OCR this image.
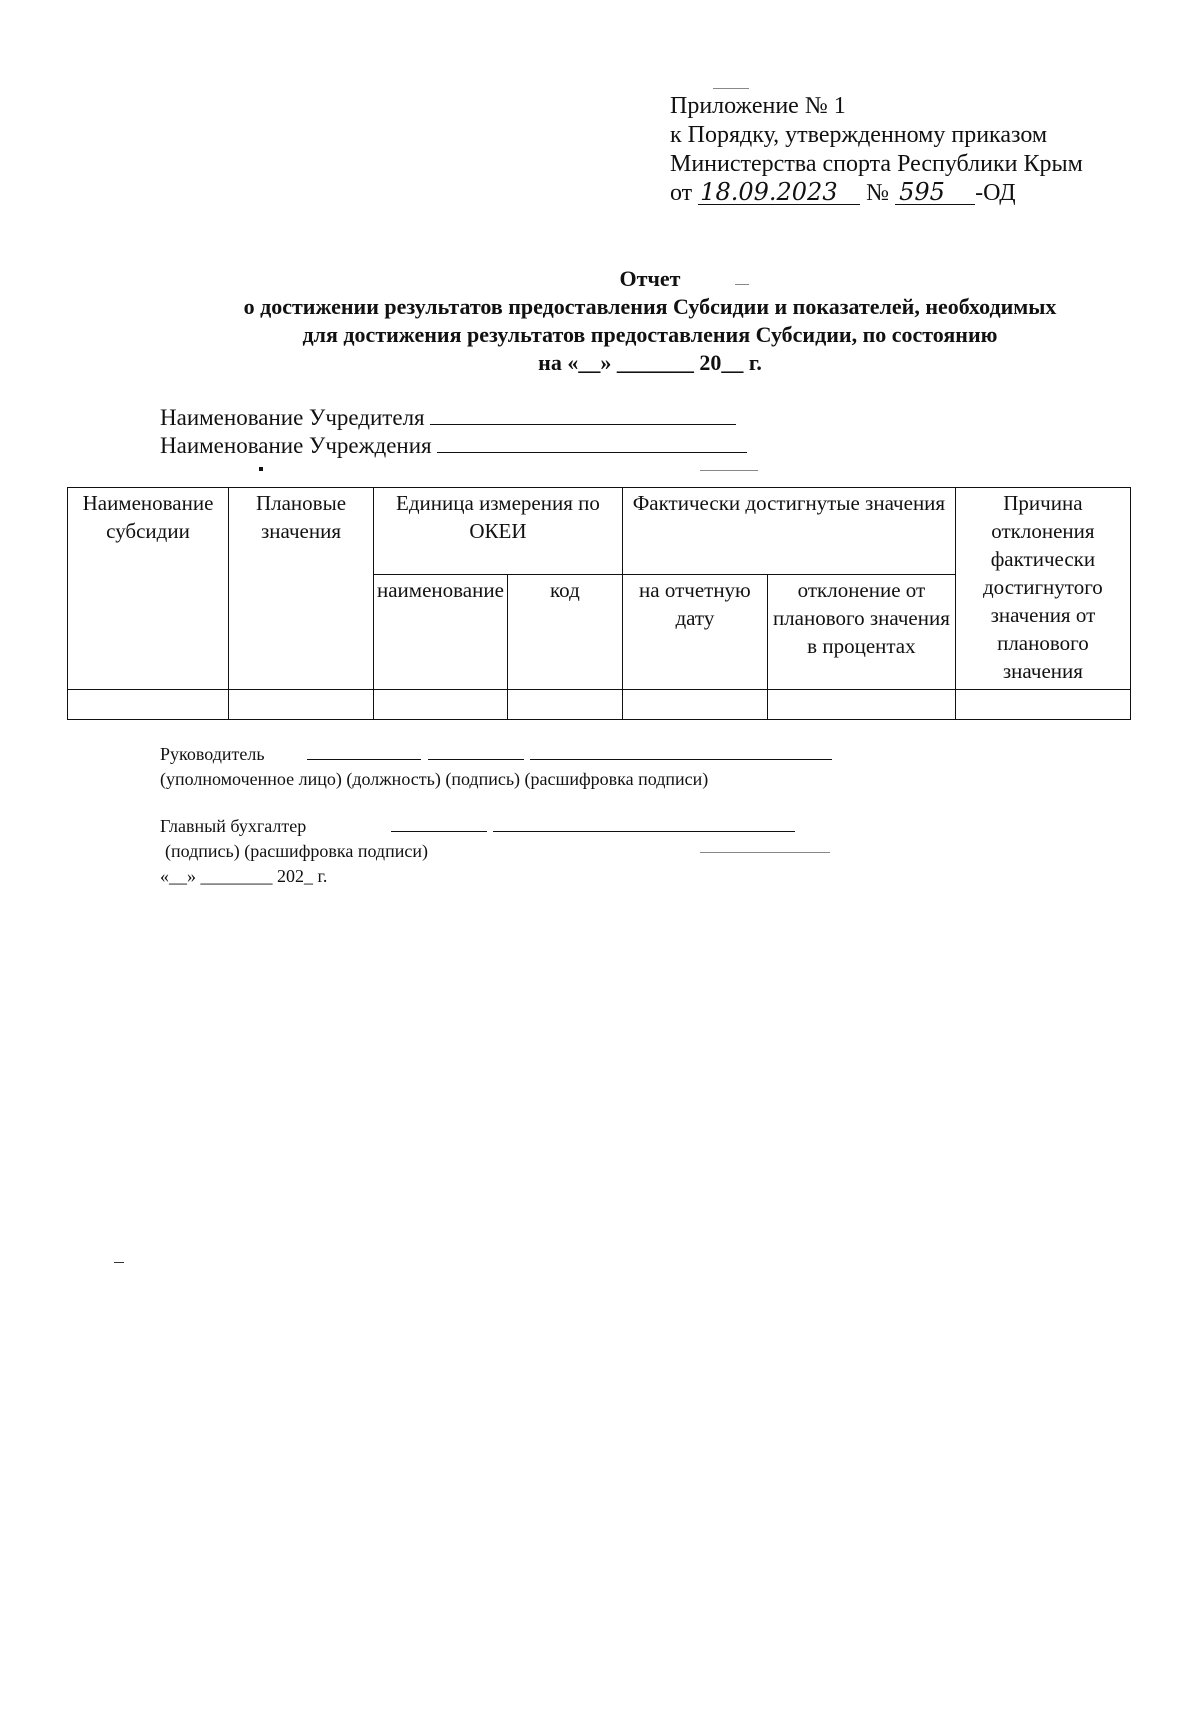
Приложение № 1
к Порядку, утвержденному приказом
Министерства спорта Республики Крым
от 18.09.2023 № 595 -ОД
Отчет
о достижении результатов предоставления Субсидии и показателей, необходимых
для достижения результатов предоставления Субсидии, по состоянию
на «__» _______ 20__ г.
Наименование Учредителя
Наименование Учреждения
Наименование субсидии	Плановые значения	Единица измерения по ОКЕИ		Фактически достигнутые значения		Причина отклонения фактически достигнутого значения от планового значения
		наименование	код	на отчетную дату	отклонение от планового значения в процентах	

Руководитель
(уполномоченное лицо) (должность) (подпись) (расшифровка подписи)
Главный бухгалтер
(подпись) (расшифровка подписи)
«__» ________ 202_ г.
